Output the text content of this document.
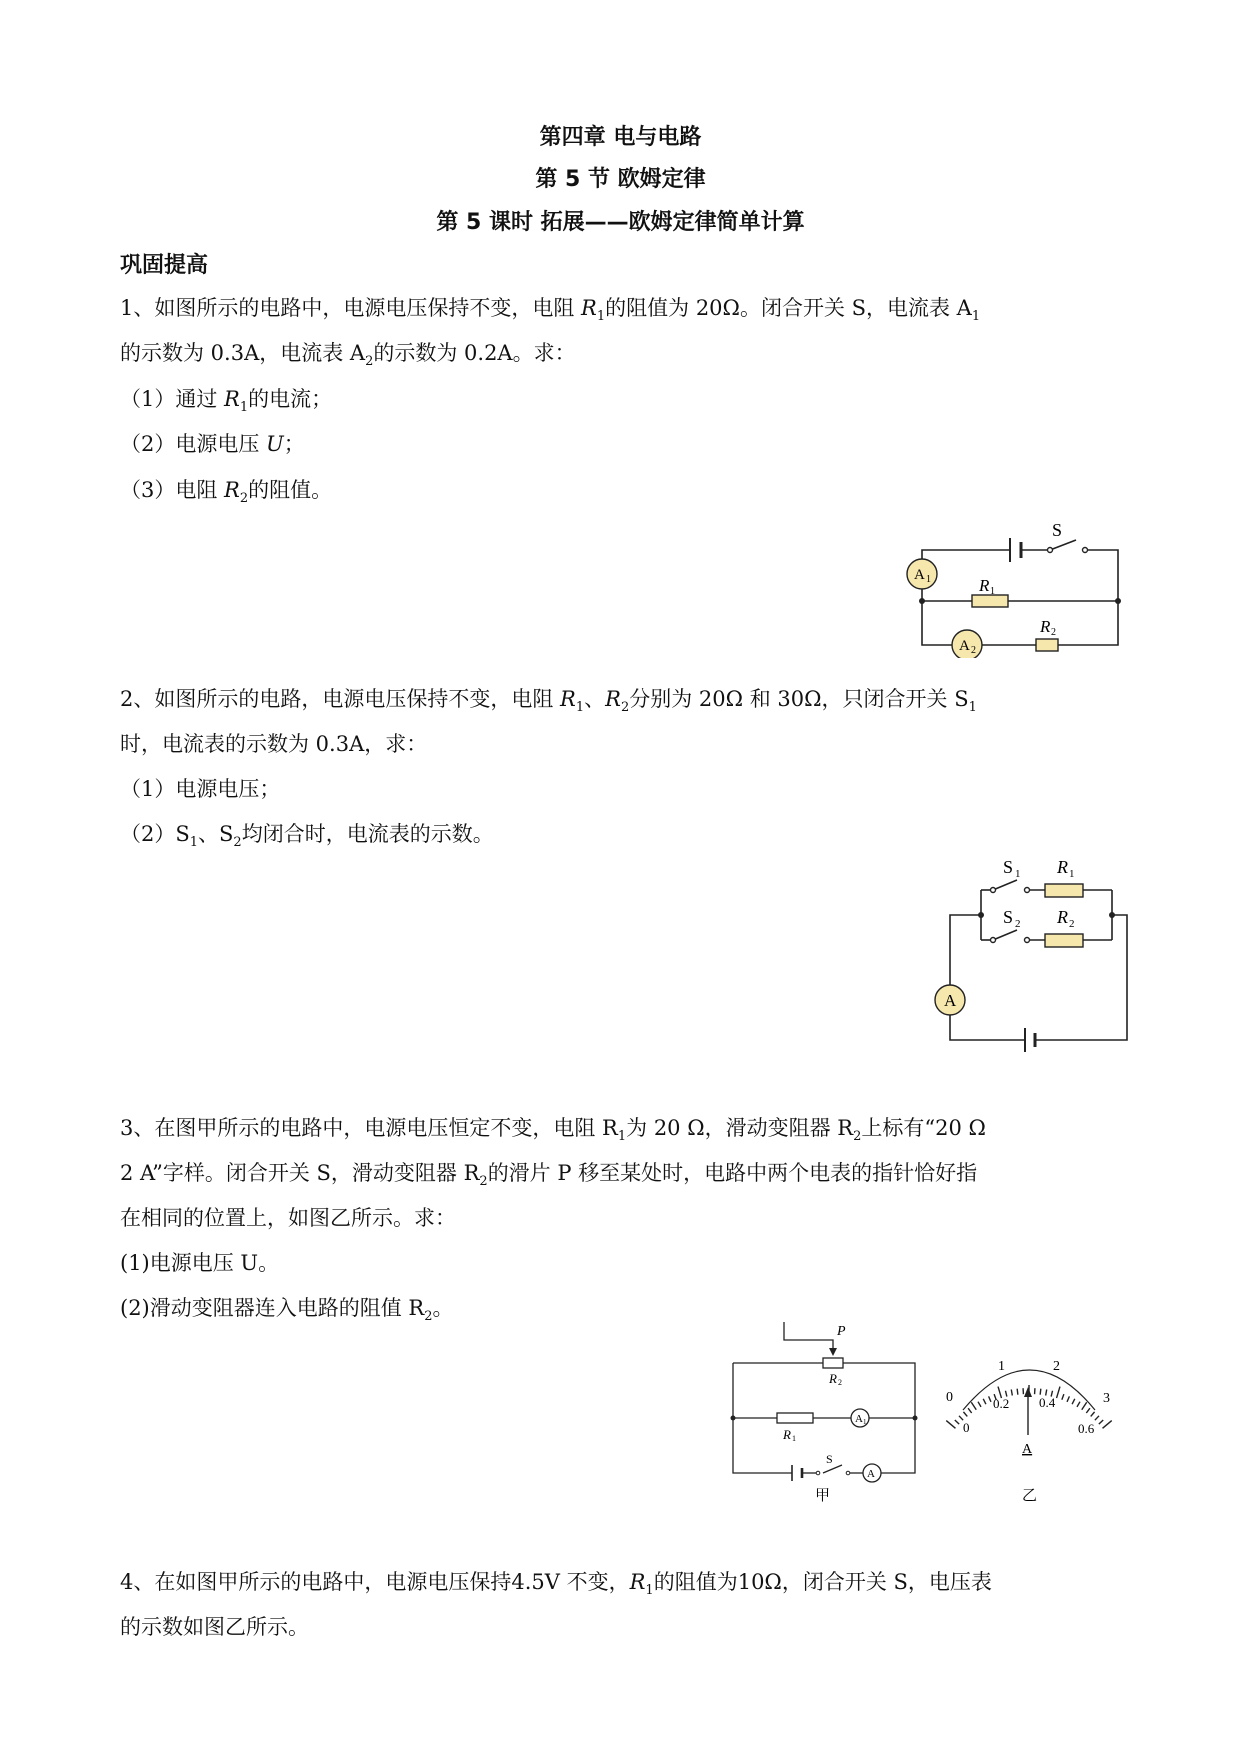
第四章 电与电路
第 5 节 欧姆定律
第 5 课时 拓展——欧姆定律简单计算
巩固提高
1、如图所示的电路中，电源电压保持不变，电阻 $R_1$的阻值为 20Ω。闭合开关 S，电流表 $A_1$
的示数为 0.3A，电流表 $A_2$的示数为 0.2A。求：
（1）通过 $R_1$的电流；
（2）电源电压 U；
（3）电阻 $R_2$的阻值。
S
A 1
A 2
R 1
R 2
2、如图所示的电路，电源电压保持不变，电阻 $R_1$、$R_2$分别为 20Ω 和 30Ω，只闭合开关 $S_1$
时，电流表的示数为 0.3A，求：
（1）电源电压；
$(2)S_1$、$S_2$均闭合时，电流表的示数。
S 1
S 2
R 1
R 2
A
3、在图甲所示的电路中，电源电压恒定不变，电阻 $R_1$为 20 Ω，滑动变阻器 $R_2$上标有“20 Ω
2 A”字样。闭合开关 S，滑动变阻器 $R_2$的滑片 P 移至某处时，电路中两个电表的指针恰好指
在相同的位置上，如图乙所示。求：
(1)电源电压 U。
(2)滑动变阻器连入电路的阻值 $R_2$。
P
R 2
R 1
A 1
A
S
甲
0
1	2
3
0
0.2 0.4
0.6
A
乙
4、在如图甲所示的电路中，电源电压保持4.5V 不变，$R_1$的阻值为10Ω，闭合开关 S，电压表
的示数如图乙所示。
